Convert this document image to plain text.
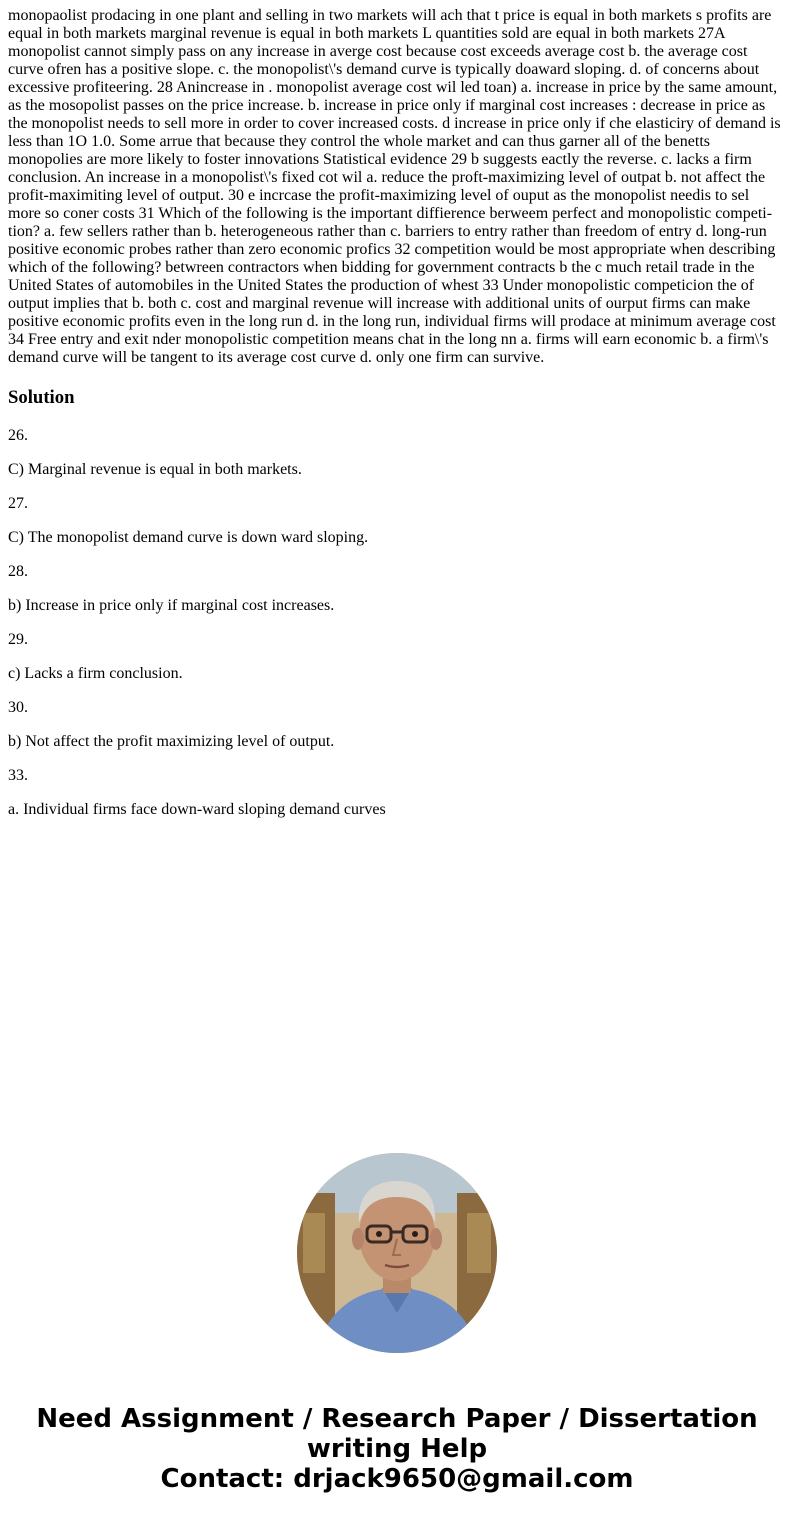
monopaolist prodacing in one plant and selling in two markets will ach that t price is equal in both markets s profits are equal in both markets marginal revenue is equal in both markets L quantities sold are equal in both markets 27A monopolist cannot simply pass on any increase in averge cost because cost exceeds average cost b. the average cost curve ofren has a positive slope. c. the monopolist\'s demand curve is typically doaward sloping. d. of concerns about excessive profiteering. 28 Anincrease in . monopolist average cost wil led toan) a. increase in price by the same amount, as the mosopolist passes on the price increase. b. increase in price only if marginal cost increases : decrease in price as the monopolist needs to sell more in order to cover increased costs. d increase in price only if che elasticiry of demand is less than 1O 1.0. Some arrue that because they control the whole market and can thus garner all of the benetts monopolies are more likely to foster innovations Statistical evidence 29 b suggests eactly the reverse. c. lacks a firm conclusion. An increase in a monopolist\'s fixed cot wil a. reduce the proft-maximizing level of outpat b. not affect the profit-maximiting level of output. 30 e incrcase the profit-maximizing level of ouput as the monopolist needis to sel more so coner costs 31 Which of the following is the important diffierence berweem perfect and monopolistic competi-tion? a. few sellers rather than b. heterogeneous rather than c. barriers to entry rather than freedom of entry d. long-run positive economic probes rather than zero economic profics 32 competition would be most appropriate when describing which of the following? betwreen contractors when bidding for government contracts b the c much retail trade in the United States of automobiles in the United States the production of whest 33 Under monopolistic competicion the of output implies that b. both c. cost and marginal revenue will increase with additional units of ourput firms can make positive economic profits even in the long run d. in the long run, individual firms will prodace at minimum average cost 34 Free entry and exit nder monopolistic competition means chat in the long nn a. firms will earn economic b. a firm\'s demand curve will be tangent to its average cost curve d. only one firm can survive.

Solution

26.

C) Marginal revenue is equal in both markets.

27.

C) The monopolist demand curve is down ward sloping.

28.

b) Increase in price only if marginal cost increases.

29.

c) Lacks a firm conclusion.

30.

b) Not affect the profit maximizing level of output.

33.

a. Individual firms face down-ward sloping demand curves

Need Assignment / Research Paper / Dissertation
writing Help
Contact: drjack9650@gmail.com
